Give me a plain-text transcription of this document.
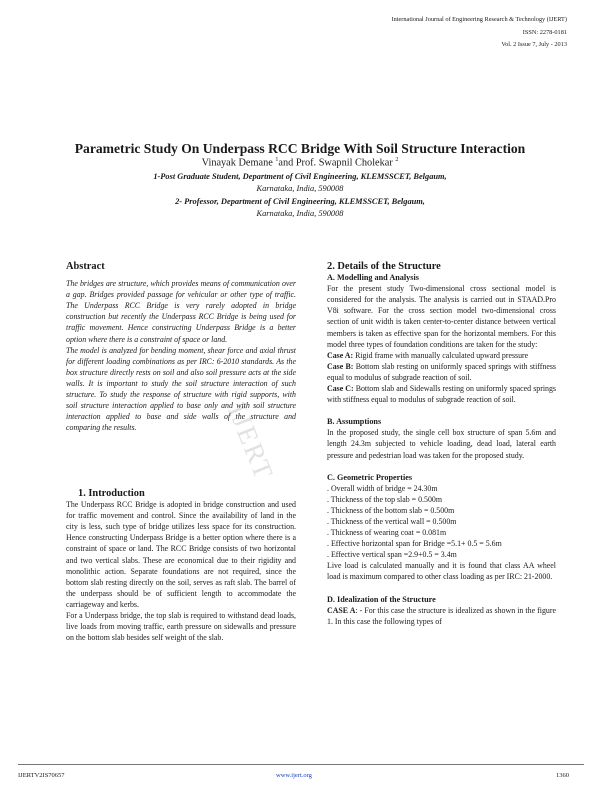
International Journal of Engineering Research & Technology (IJERT)
ISSN: 2278-0181
Vol. 2 Issue 7, July - 2013
Parametric Study On Underpass RCC Bridge With Soil Structure Interaction
Vinayak Demane $^1$and Prof. Swapnil Cholekar $^2$
1-Post Graduate Student, Department of Civil Engineering, KLEMSSCET, Belgaum,
Karnataka, India, 590008
2- Professor, Department of Civil Engineering, KLEMSSCET, Belgaum,
Karnataka, India, 590008
IJERT
Abstract

The bridges are structure, which provides means of communication over a gap. Bridges provided passage for vehicular or other type of traffic. The Underpass RCC Bridge is very rarely adopted in bridge construction but recently the Underpass RCC Bridge is being used for traffic movement. Hence constructing Underpass Bridge is a better option where there is a constraint of space or land.

The model is analyzed for bending moment, shear force and axial thrust for different loading combinations as per IRC: 6-2010 standards. As the box structure directly rests on soil and also soil pressure acts at the side walls. It is important to study the soil structure interaction of such structure. To study the response of structure with rigid supports, with soil structure interaction applied to base only and with soil structure interaction applied to base and side walls of the structure and comparing the results.

1. Introduction

The Underpass RCC Bridge is adopted in bridge construction and used for traffic movement and control. Since the availability of land in the city is less, such type of bridge utilizes less space for its construction. Hence constructing Underpass Bridge is a better option where there is a constraint of space or land. The RCC Bridge consists of two horizontal and two vertical slabs. These are economical due to their rigidity and monolithic action. Separate foundations are not required, since the bottom slab resting directly on the soil, serves as raft slab. The barrel of the underpass should be of sufficient length to accommodate the carriageway and kerbs.

For a Underpass bridge, the top slab is required to withstand dead loads, live loads from moving traffic, earth pressure on sidewalls and pressure on the bottom slab besides self weight of the slab.

2. Details of the Structure
A. Modelling and Analysis

For the present study Two-dimensional cross sectional model is considered for the analysis. The analysis is carried out in STAAD.Pro V8i software. For the cross section model two-dimensional cross section of unit width is taken center-to-center distance between vertical members is taken as effective span for the horizontal members. For this model three types of foundation conditions are taken for the study:

Case A: Rigid frame with manually calculated upward pressure

Case B: Bottom slab resting on uniformly spaced springs with stiffness equal to modulus of subgrade reaction of soil.

Case C: Bottom slab and Sidewalls resting on uniformly spaced springs with stiffness equal to modulus of subgrade reaction of soil.

B. Assumptions

In the proposed study, the single cell box structure of span 5.6m and length 24.3m subjected to vehicle loading, dead load, lateral earth pressure and pedestrian load was taken for the proposed study.

C. Geometric Properties
. Overall width of bridge = 24.30m
. Thickness of the top slab = 0.500m
. Thickness of the bottom slab = 0.500m
. Thickness of the vertical wall = 0.500m
. Thickness of wearing coat = 0.081m
. Effective horizontal span for Bridge =5.1+ 0.5 = 5.6m
. Effective vertical span =2.9+0.5 = 3.4m

Live load is calculated manually and it is found that class AA wheel load is maximum compared to other class loading as per IRC: 21-2000.

D. Idealization of the Structure

CASE A: - For this case the structure is idealized as shown in the figure 1. In this case the following types of

IJERTV2IS70657	www.ijert.org	1360
